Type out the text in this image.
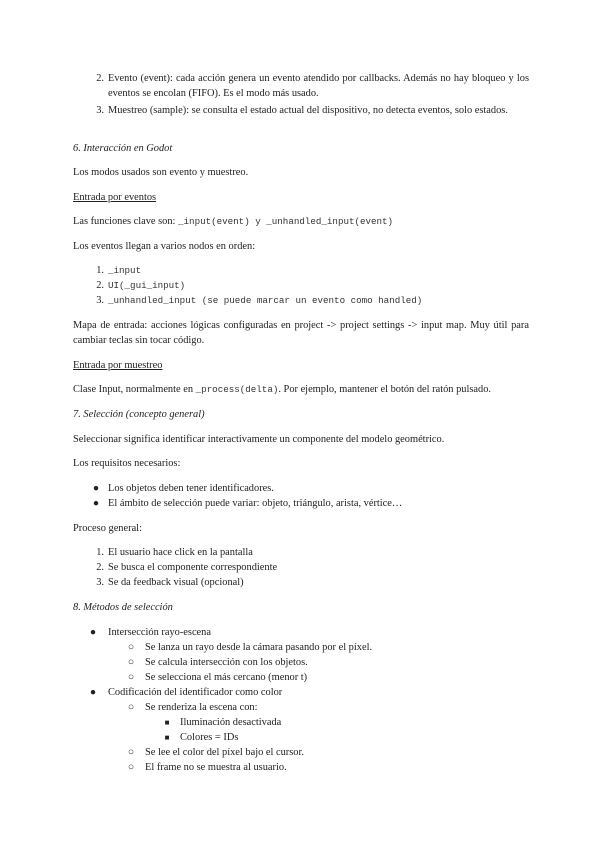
2. Evento (event): cada acción genera un evento atendido por callbacks. Además no hay bloqueo y los eventos se encolan (FIFO). Es el modo más usado.
3. Muestreo (sample): se consulta el estado actual del dispositivo, no detecta eventos, solo estados.
6. Interacción en Godot
Los modos usados son evento y muestreo.
Entrada por eventos
Las funciones clave son: _input(event) y _unhandled_input(event)
Los eventos llegan a varios nodos en orden:
1. _input
2. UI(_gui_input)
3. _unhandled_input (se puede marcar un evento como handled)

Mapa de entrada: acciones lógicas configuradas en project -> project settings -> input map. Muy útil para cambiar teclas sin tocar código.

Entrada por muestreo
Clase Input, normalmente en _process(delta). Por ejemplo, mantener el botón del ratón pulsado.
7. Selección (concepto general)
Seleccionar significa identificar interactivamente un componente del modelo geométrico.
Los requisitos necesarios:
● Los objetos deben tener identificadores.
● El ámbito de selección puede variar: objeto, triángulo, arista, vértice…
Proceso general:
1. El usuario hace click en la pantalla
2. Se busca el componente correspondiente
3. Se da feedback visual (opcional)
8. Métodos de selección
● Intersección rayo-escena
○ Se lanza un rayo desde la cámara pasando por el píxel.
○ Se calcula intersección con los objetos.
○ Se selecciona el más cercano (menor t)
● Codificación del identificador como color
○ Se renderiza la escena con:
■	Iluminación desactivada
■	Colores = IDs
○ Se lee el color del píxel bajo el cursor.
○ El frame no se muestra al usuario.
